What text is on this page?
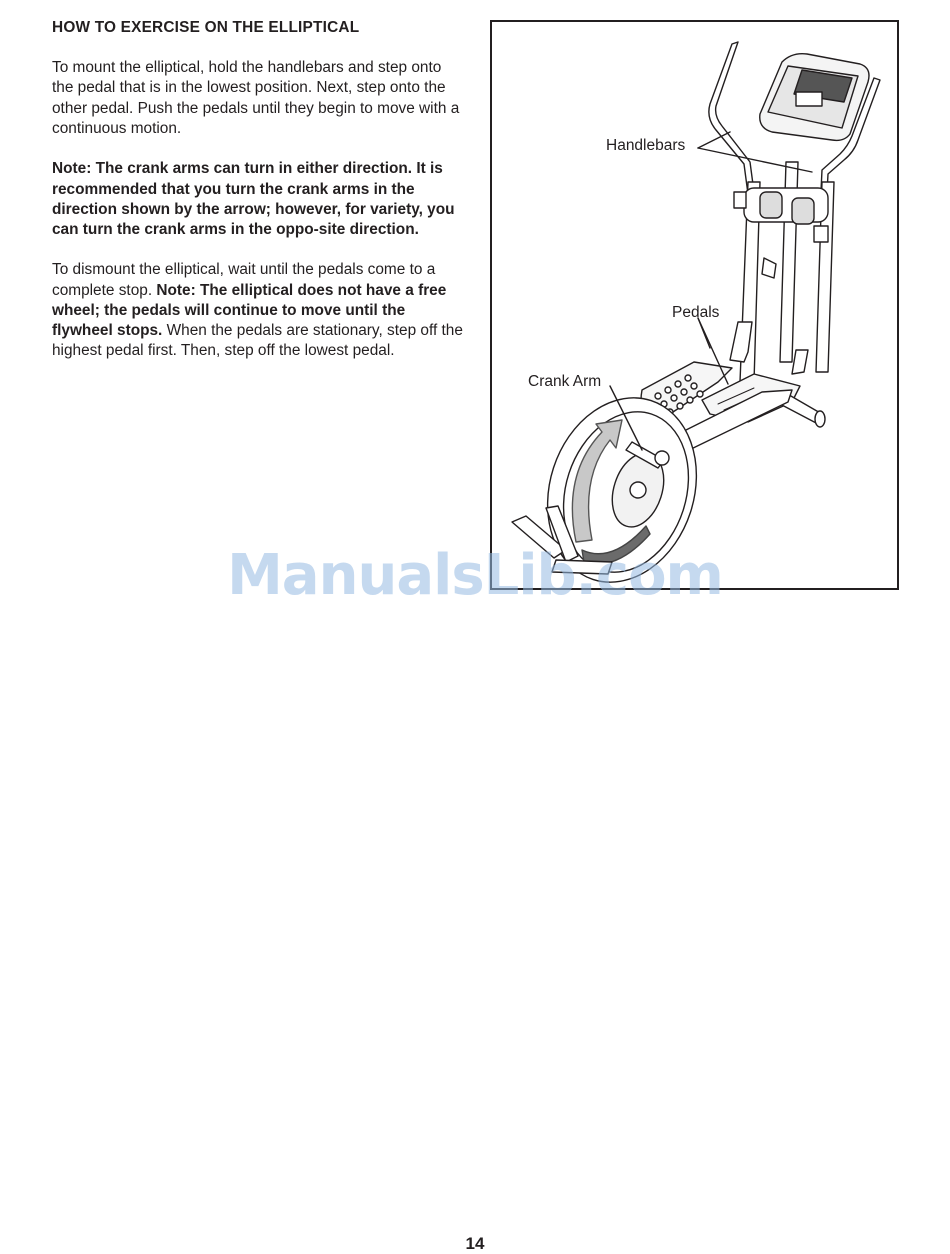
HOW TO EXERCISE ON THE ELLIPTICAL

To mount the elliptical, hold the handlebars and step onto the pedal that is in the lowest position. Next, step onto the other pedal. Push the pedals until they begin to move with a continuous motion.

Note: The crank arms can turn in either direction. It is recommended that you turn the crank arms in the direction shown by the arrow; however, for variety, you can turn the crank arms in the oppo-site direction.

To dismount the elliptical, wait until the pedals come to a complete stop. Note: The elliptical does not have a free wheel; the pedals will continue to move until the flywheel stops. When the pedals are stationary, step off the highest pedal first. Then, step off the lowest pedal.

Handlebars
Pedals
Crank Arm
ManualsLib.com
14
